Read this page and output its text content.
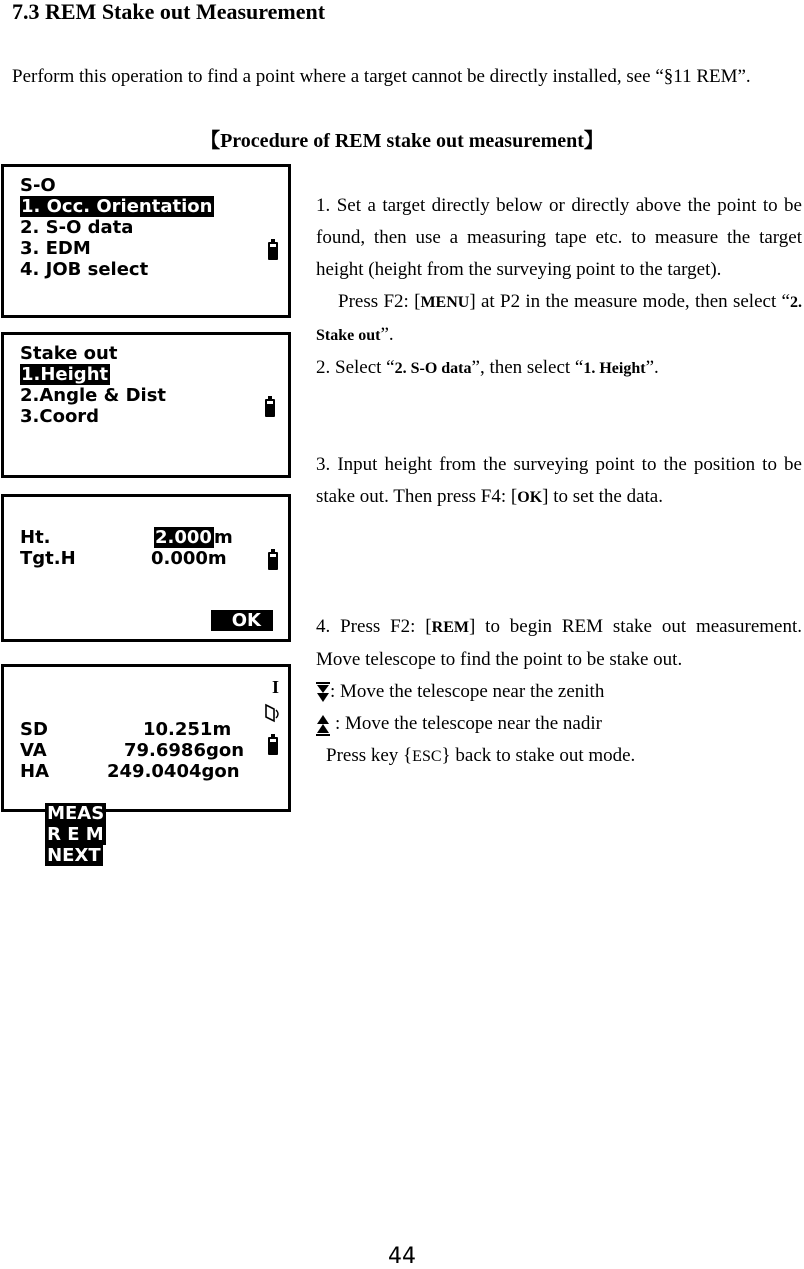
7.3 REM Stake out Measurement
Perform this operation to find a point where a target cannot be directly installed, see “§11 REM”.
【Procedure of REM stake out measurement】
S-O
1. Occ. Orientation
2. S-O data
3. EDM
4. JOB select
Stake out
1.Height
2.Angle & Dist
3.Coord
Ht.	2.000 m
Tgt.H	0.000m
OK
I
SD	10.251m
VA	79.6986gon
HA	249.0404gon

MEAS
R E M
NEXT

1. Set a target directly below or directly above the point to be found, then use a measuring tape etc. to measure the target height (height from the surveying point to the target).
Press F2: [MENU] at P2 in the measure mode, then select “2. Stake out”.
2. Select “2. S-O data”, then select “1. Height”.
3. Input height from the surveying point to the position to be stake out. Then press F4: [OK] to set the data.
4. Press F2: [REM] to begin REM stake out measurement. Move telescope to find the point to be stake out.
: Move the telescope near the zenith
: Move the telescope near the nadir
Press key {ESC} back to stake out mode.
44
